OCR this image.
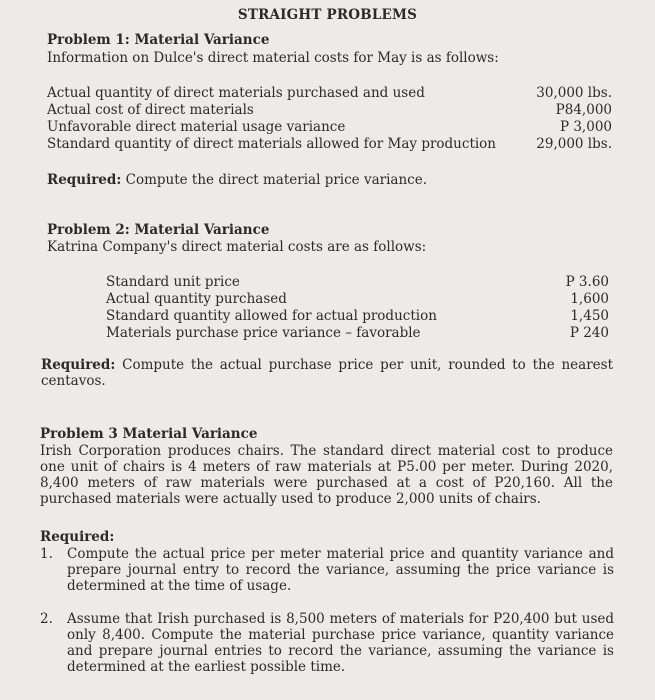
STRAIGHT PROBLEMS
Problem 1: Material Variance
Information on Dulce's direct material costs for May is as follows:
Actual quantity of direct materials purchased and used	30,000 lbs.
Actual cost of direct materials	P84,000
Unfavorable direct material usage variance	P 3,000
Standard quantity of direct materials allowed for May production	29,000 lbs.
Required: Compute the direct material price variance.
Problem 2: Material Variance
Katrina Company's direct material costs are as follows:
Standard unit price	P 3.60
Actual quantity purchased	1,600
Standard quantity allowed for actual production	1,450
Materials purchase price variance – favorable	P 240
Required: Compute the actual purchase price per unit, rounded to the nearest centavos.
Problem 3 Material Variance
Irish Corporation produces chairs. The standard direct material cost to produce one unit of chairs is 4 meters of raw materials at P5.00 per meter. During 2020, 8,400 meters of raw materials were purchased at a cost of P20,160. All the purchased materials were actually used to produce 2,000 units of chairs.
Required:
1. Compute the actual price per meter material price and quantity variance and prepare journal entry to record the variance, assuming the price variance is determined at the time of usage.
2. Assume that Irish purchased is 8,500 meters of materials for P20,400 but used only 8,400. Compute the material purchase price variance, quantity variance and prepare journal entries to record the variance, assuming the variance is determined at the earliest possible time.
